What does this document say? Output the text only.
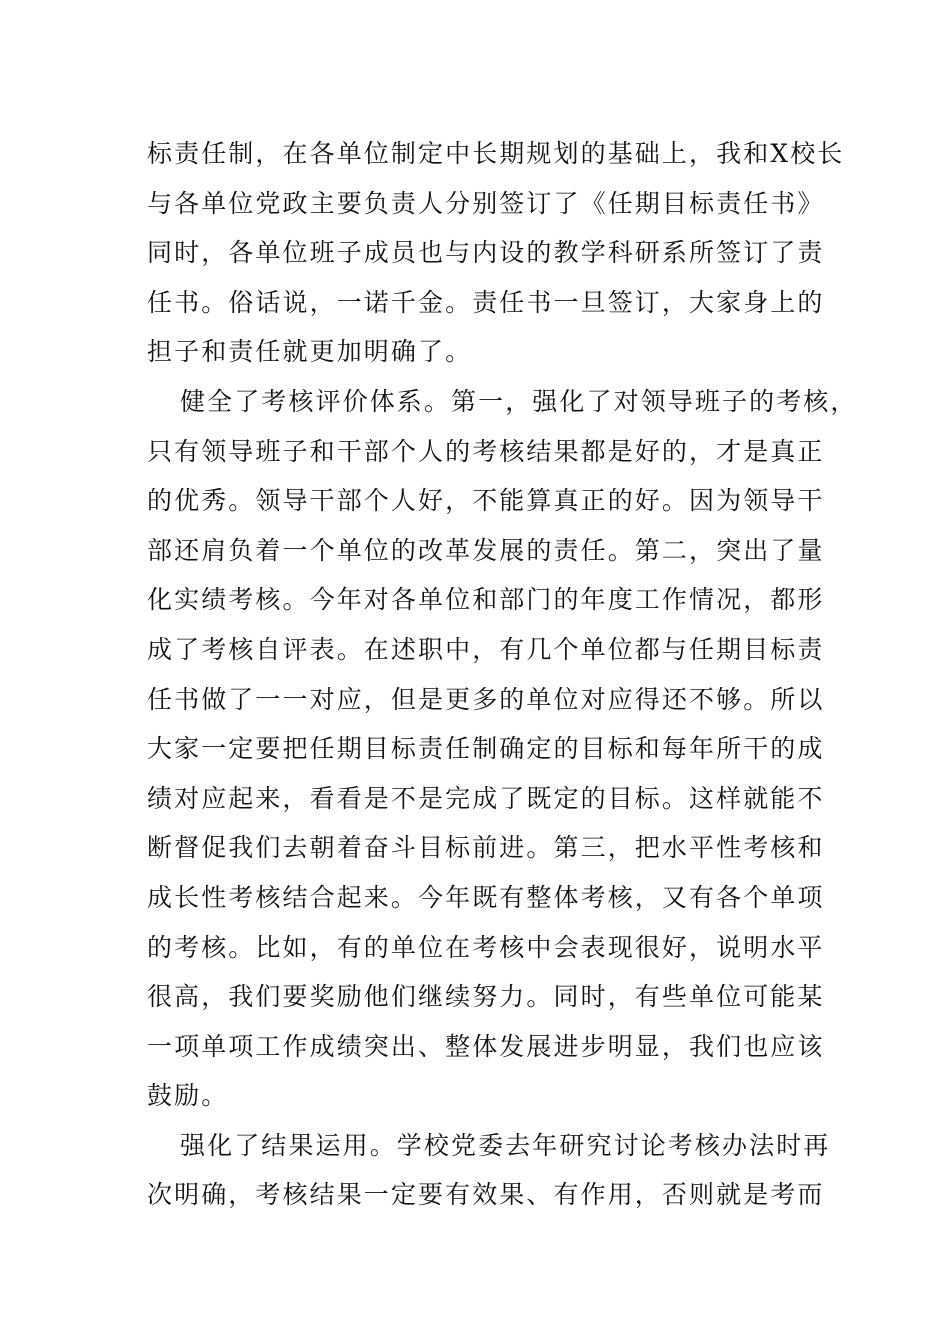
标责任制，在各单位制定中长期规划的基础上，我和X校长
与各单位党政主要负责人分别签订了《任期目标责任书》
同时，各单位班子成员也与内设的教学科研系所签订了责
任书。俗话说，一诺千金。责任书一旦签订，大家身上的
担子和责任就更加明确了。
健全了考核评价体系。第一，强化了对领导班子的考核，
只有领导班子和干部个人的考核结果都是好的，才是真正
的优秀。领导干部个人好，不能算真正的好。因为领导干
部还肩负着一个单位的改革发展的责任。第二，突出了量
化实绩考核。今年对各单位和部门的年度工作情况，都形
成了考核自评表。在述职中，有几个单位都与任期目标责
任书做了一一对应，但是更多的单位对应得还不够。所以
大家一定要把任期目标责任制确定的目标和每年所干的成
绩对应起来，看看是不是完成了既定的目标。这样就能不
断督促我们去朝着奋斗目标前进。第三，把水平性考核和
成长性考核结合起来。今年既有整体考核，又有各个单项
的考核。比如，有的单位在考核中会表现很好，说明水平
很高，我们要奖励他们继续努力。同时，有些单位可能某
一项单项工作成绩突出、整体发展进步明显，我们也应该
鼓励。
强化了结果运用。学校党委去年研究讨论考核办法时再
次明确，考核结果一定要有效果、有作用，否则就是考而
